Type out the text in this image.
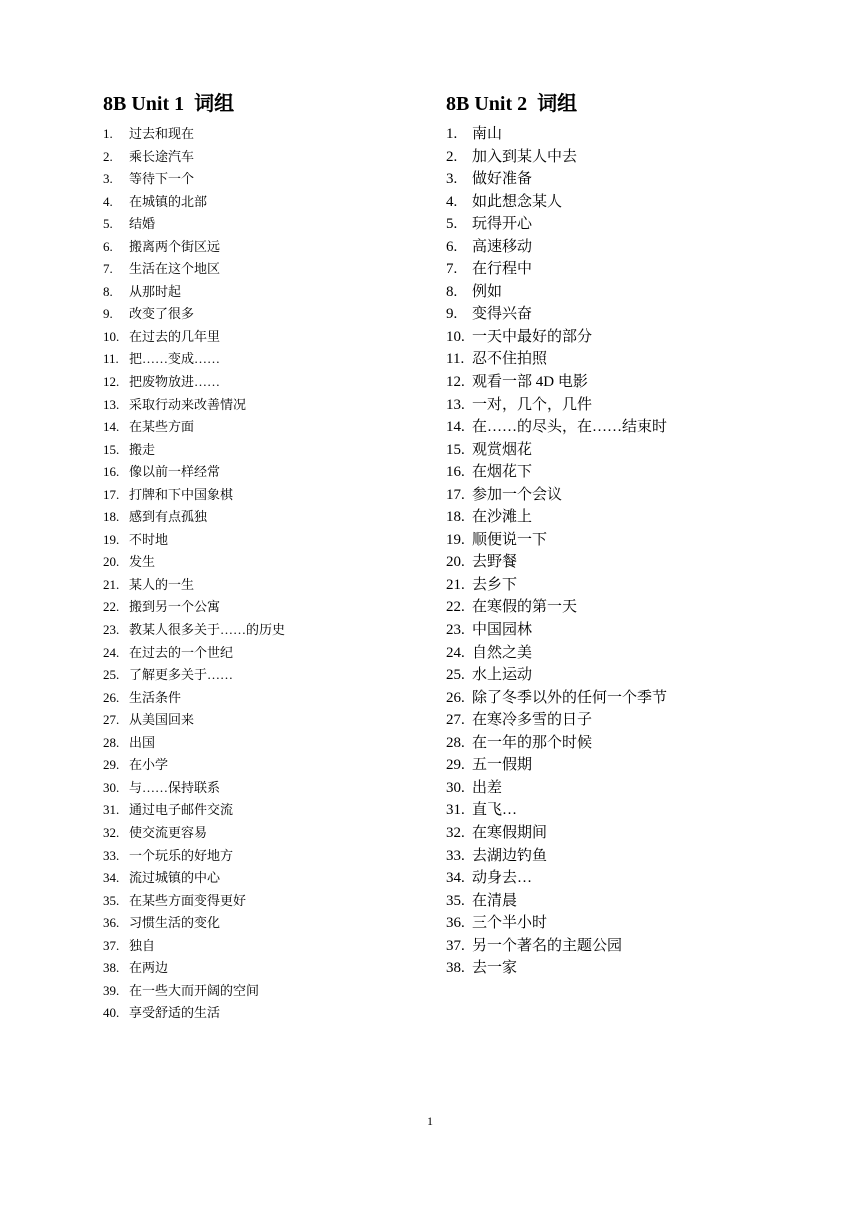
8B Unit 1  词组
1.	过去和现在
2.	乘长途汽车
3.	等待下一个
4.	在城镇的北部
5.	结婚
6.	搬离两个街区远
7.	生活在这个地区
8.	从那时起
9.	改变了很多
10. 在过去的几年里
11. 把……变成……
12. 把废物放进……
13. 采取行动来改善情况
14. 在某些方面
15. 搬走
16. 像以前一样经常
17. 打牌和下中国象棋
18. 感到有点孤独
19. 不时地
20. 发生
21. 某人的一生
22. 搬到另一个公寓
23. 教某人很多关于……的历史
24. 在过去的一个世纪
25. 了解更多关于……
26. 生活条件
27. 从美国回来
28. 出国
29. 在小学
30. 与……保持联系
31. 通过电子邮件交流
32. 使交流更容易
33. 一个玩乐的好地方
34. 流过城镇的中心
35. 在某些方面变得更好
36. 习惯生活的变化
37. 独自
38. 在两边
39. 在一些大而开阔的空间
40. 享受舒适的生活
8B Unit 2  词组
1. 南山
2. 加入到某人中去
3. 做好准备
4. 如此想念某人
5. 玩得开心
6. 高速移动
7. 在行程中
8. 例如
9. 变得兴奋
10. 一天中最好的部分
11. 忍不住拍照
12. 观看一部 4D 电影
13. 一对，几个，几件
14. 在……的尽头，在……结束时
15. 观赏烟花
16. 在烟花下
17. 参加一个会议
18. 在沙滩上
19. 顺便说一下
20. 去野餐
21. 去乡下
22. 在寒假的第一天
23. 中国园林
24. 自然之美
25. 水上运动
26. 除了冬季以外的任何一个季节
27. 在寒冷多雪的日子
28. 在一年的那个时候
29. 五一假期
30. 出差
31. 直飞…
32. 在寒假期间
33. 去湖边钓鱼
34. 动身去…
35. 在清晨
36. 三个半小时
37. 另一个著名的主题公园
38. 去一家
1
